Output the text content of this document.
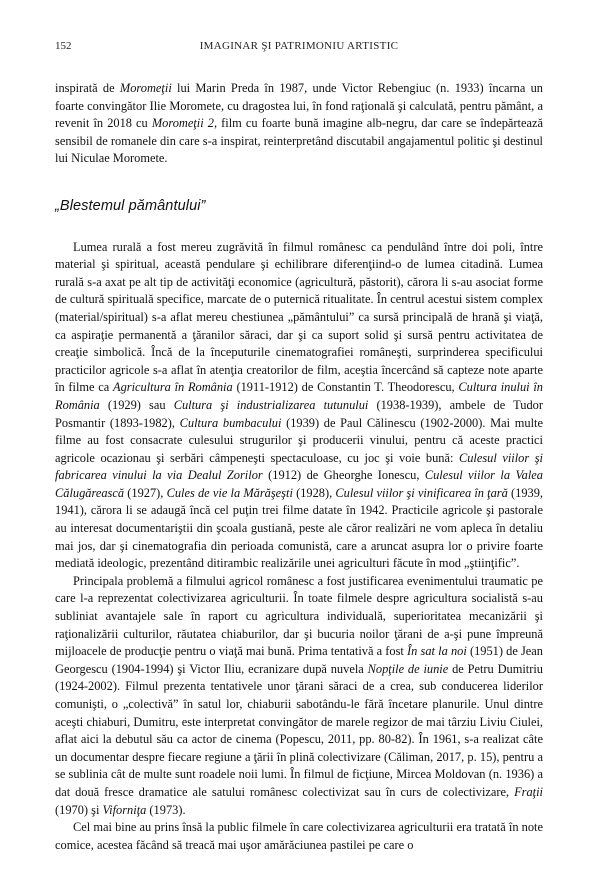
152	IMAGINAR ŞI PATRIMONIU ARTISTIC

inspirată de Moromeţii lui Marin Preda în 1987, unde Victor Rebengiuc (n. 1933) încarna un foarte convingător Ilie Moromete, cu dragostea lui, în fond raţională şi calculată, pentru pământ, a revenit în 2018 cu Moromeţii 2, film cu foarte bună imagine alb-negru, dar care se îndepărtează sensibil de romanele din care s-a inspirat, reinterpretând discutabil angajamentul politic şi destinul lui Niculae Moromete.

„Blestemul pământului”

Lumea rurală a fost mereu zugrăvită în filmul românesc ca pendulând între doi poli, între material şi spiritual, această pendulare şi echilibrare diferenţiind-o de lumea citadină. Lumea rurală s-a axat pe alt tip de activităţi economice (agricultură, păstorit), cărora li s-au asociat forme de cultură spirituală specifice, marcate de o puternică ritualitate. În centrul acestui sistem complex (material/spiritual) s-a aflat mereu chestiunea „pământului” ca sursă principală de hrană şi viaţă, ca aspiraţie permanentă a ţăranilor săraci, dar şi ca suport solid şi sursă pentru activitatea de creaţie simbolică. Încă de la începuturile cinematografiei româneşti, surprinderea specificului practicilor agricole s-a aflat în atenţia creatorilor de film, aceştia încercând să capteze note aparte în filme ca Agricultura în România (1911-1912) de Constantin T. Theodorescu, Cultura inului în România (1929) sau Cultura şi industrializarea tutunului (1938-1939), ambele de Tudor Posmantir (1893-1982), Cultura bumbacului (1939) de Paul Călinescu (1902-2000). Mai multe filme au fost consacrate culesului strugurilor şi producerii vinului, pentru că aceste practici agricole ocazionau şi serbări câmpeneşti spectaculoase, cu joc şi voie bună: Culesul viilor şi fabricarea vinului la via Dealul Zorilor (1912) de Gheorghe Ionescu, Culesul viilor la Valea Călugărească (1927), Cules de vie la Mărăşeşti (1928), Culesul viilor şi vinificarea în ţară (1939, 1941), cărora li se adaugă încă cel puţin trei filme datate în 1942. Practicile agricole şi pastorale au interesat documentariştii din şcoala gustiană, peste ale căror realizări ne vom apleca în detaliu mai jos, dar şi cinematografia din perioada comunistă, care a aruncat asupra lor o privire foarte mediată ideologic, prezentând ditirambic realizările unei agriculturi făcute în mod „ştiinţific”.

Principala problemă a filmului agricol românesc a fost justificarea evenimentului traumatic pe care l-a reprezentat colectivizarea agriculturii. În toate filmele despre agricultura socialistă s-au subliniat avantajele sale în raport cu agricultura individuală, superioritatea mecanizării şi raţionalizării culturilor, răutatea chiaburilor, dar şi bucuria noilor ţărani de a-şi pune împreună mijloacele de producţie pentru o viaţă mai bună. Prima tentativă a fost În sat la noi (1951) de Jean Georgescu (1904-1994) şi Victor Iliu, ecranizare după nuvela Nopţile de iunie de Petru Dumitriu (1924-2002). Filmul prezenta tentativele unor ţărani săraci de a crea, sub conducerea liderilor comunişti, o „colectivă” în satul lor, chiaburii sabotându-le fără încetare planurile. Unul dintre aceşti chiaburi, Dumitru, este interpretat convingător de marele regizor de mai târziu Liviu Ciulei, aflat aici la debutul său ca actor de cinema (Popescu, 2011, pp. 80-82). În 1961, s-a realizat câte un documentar despre fiecare regiune a ţării în plină colectivizare (Căliman, 2017, p. 15), pentru a se sublinia cât de multe sunt roadele noii lumi. În filmul de ficţiune, Mircea Moldovan (n. 1936) a dat două fresce dramatice ale satului românesc colectivizat sau în curs de colectivizare, Fraţii (1970) şi Viforniţa (1973).

Cel mai bine au prins însă la public filmele în care colectivizarea agriculturii era tratată în note comice, acestea făcând să treacă mai uşor amărăciunea pastilei pe care o
